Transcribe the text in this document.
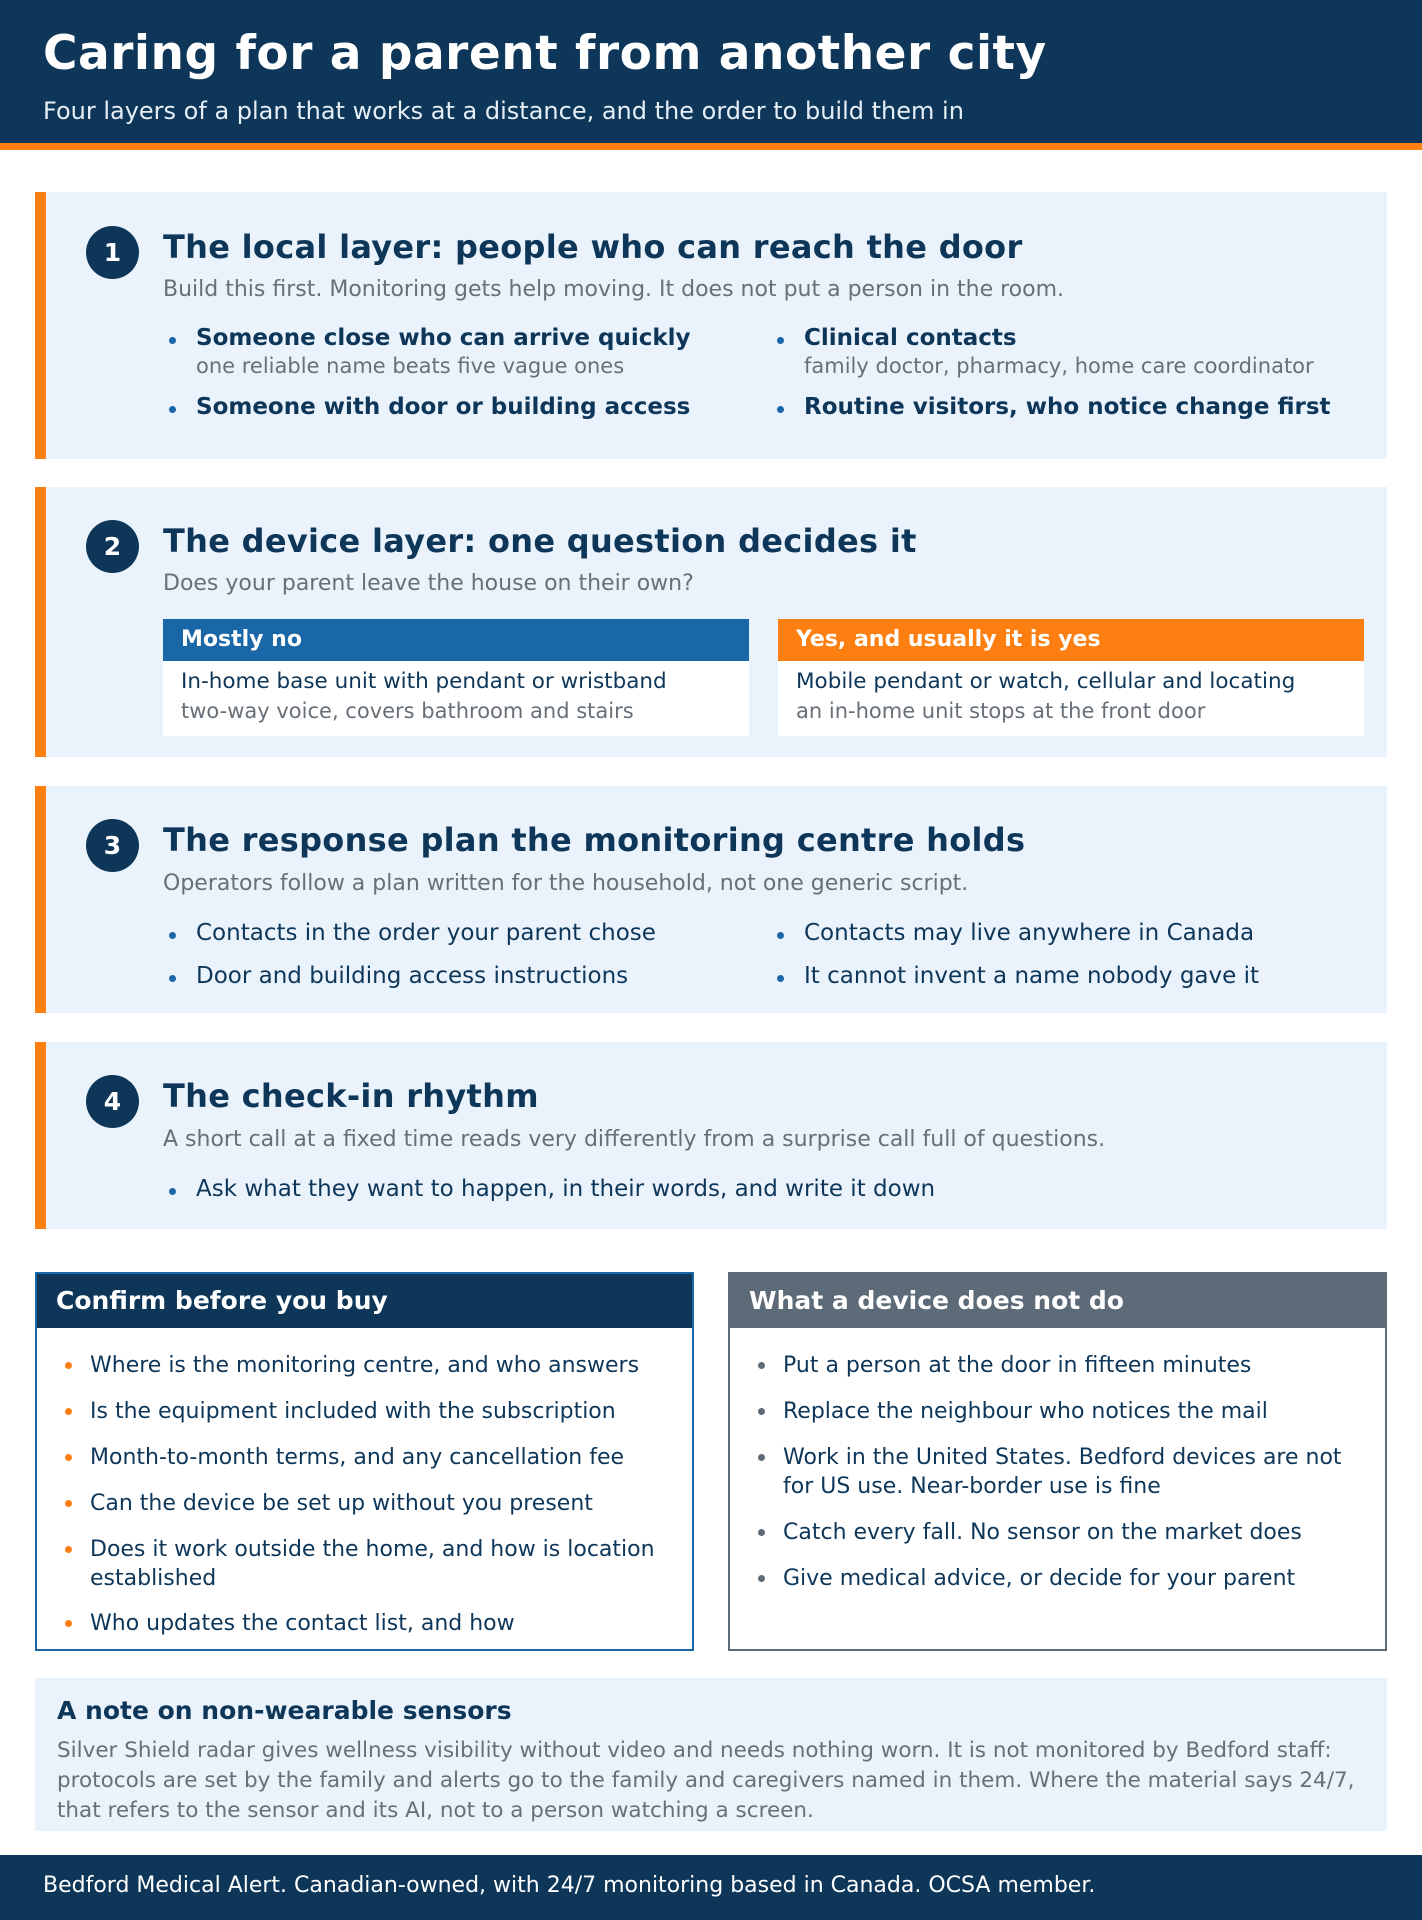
Caring for a parent from another city
Four layers of a plan that works at a distance, and the order to build them in
1	The local layer: people who can reach the door
Build this first. Monitoring gets help moving. It does not put a person in the room.
Someone close who can arrive quickly
one reliable name beats five vague ones
Someone with door or building access
Clinical contacts
family doctor, pharmacy, home care coordinator
Routine visitors, who notice change first
2	The device layer: one question decides it
Does your parent leave the house on their own?
Mostly no
In-home base unit with pendant or wristband
two-way voice, covers bathroom and stairs
Yes, and usually it is yes
Mobile pendant or watch, cellular and locating
an in-home unit stops at the front door
3	The response plan the monitoring centre holds
Operators follow a plan written for the household, not one generic script.
Contacts in the order your parent chose
Door and building access instructions
Contacts may live anywhere in Canada
It cannot invent a name nobody gave it
4	The check-in rhythm
A short call at a fixed time reads very differently from a surprise call full of questions.
Ask what they want to happen, in their words, and write it down
Confirm before you buy
Where is the monitoring centre, and who answers
Is the equipment included with the subscription
Month-to-month terms, and any cancellation fee
Can the device be set up without you present
Does it work outside the home, and how is location established
Who updates the contact list, and how
What a device does not do
Put a person at the door in fifteen minutes
Replace the neighbour who notices the mail
Work in the United States. Bedford devices are not for US use. Near-border use is fine
Catch every fall. No sensor on the market does
Give medical advice, or decide for your parent
A note on non-wearable sensors

Silver Shield radar gives wellness visibility without video and needs nothing worn. It is not monitored by Bedford staff: protocols are set by the family and alerts go to the family and caregivers named in them. Where the material says 24/7, that refers to the sensor and its AI, not to a person watching a screen.

Bedford Medical Alert. Canadian-owned, with 24/7 monitoring based in Canada. OCSA member.
